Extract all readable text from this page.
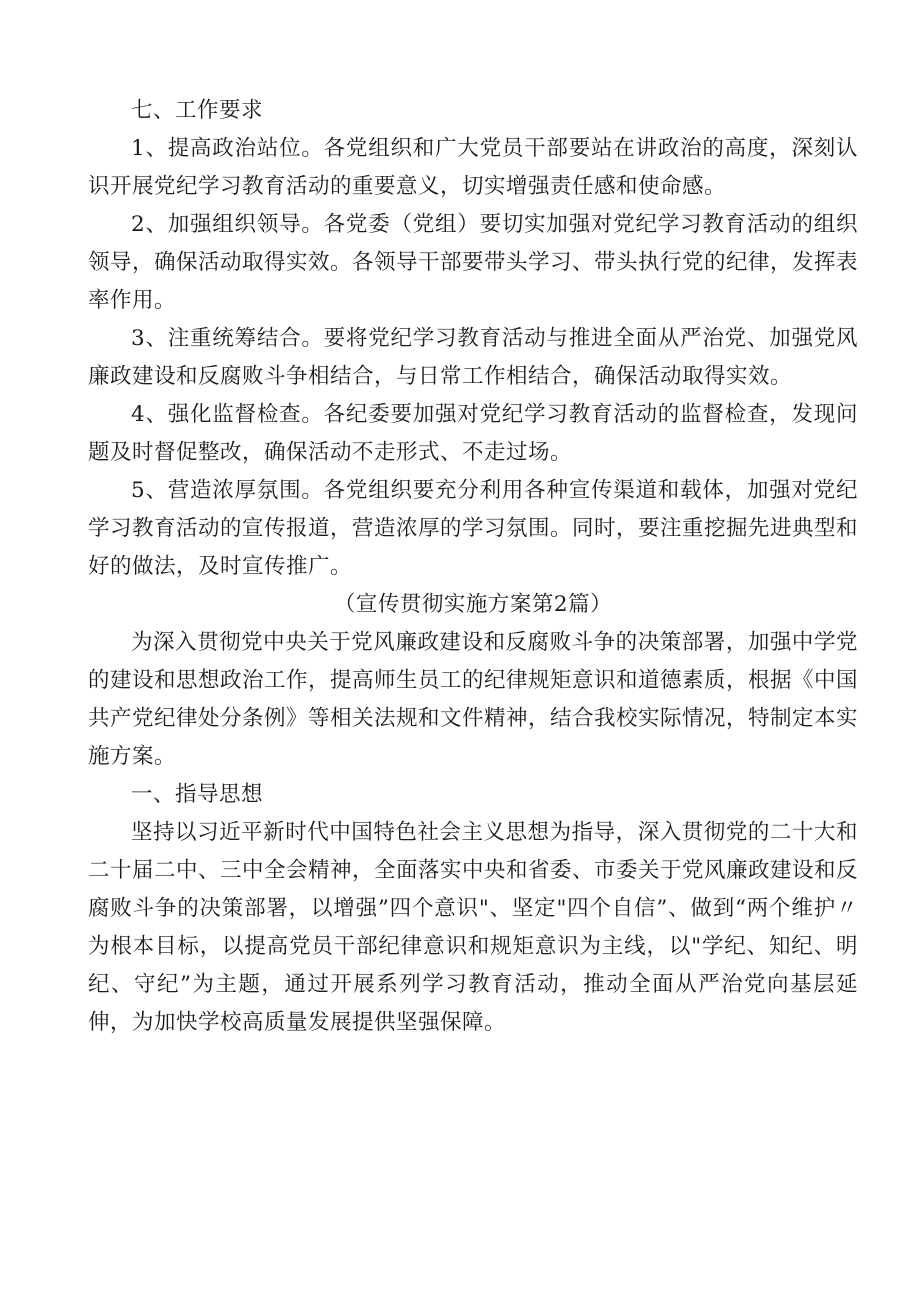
七、工作要求

1、提高政治站位。各党组织和广大党员干部要站在讲政治的高度，深刻认识开展党纪学习教育活动的重要意义，切实增强责任感和使命感。

2、加强组织领导。各党委（党组）要切实加强对党纪学习教育活动的组织领导，确保活动取得实效。各领导干部要带头学习、带头执行党的纪律，发挥表率作用。

3、注重统筹结合。要将党纪学习教育活动与推进全面从严治党、加强党风廉政建设和反腐败斗争相结合，与日常工作相结合，确保活动取得实效。

4、强化监督检查。各纪委要加强对党纪学习教育活动的监督检查，发现问题及时督促整改，确保活动不走形式、不走过场。

5、营造浓厚氛围。各党组织要充分利用各种宣传渠道和载体，加强对党纪学习教育活动的宣传报道，营造浓厚的学习氛围。同时，要注重挖掘先进典型和好的做法，及时宣传推广。

（宣传贯彻实施方案第2篇）

为深入贯彻党中央关于党风廉政建设和反腐败斗争的决策部署，加强中学党的建设和思想政治工作，提高师生员工的纪律规矩意识和道德素质，根据《中国共产党纪律处分条例》等相关法规和文件精神，结合我校实际情况，特制定本实施方案。

一、指导思想

坚持以习近平新时代中国特色社会主义思想为指导，深入贯彻党的二十大和二十届二中、三中全会精神，全面落实中央和省委、市委关于党风廉政建设和反腐败斗争的决策部署，以增强”四个意识"、坚定"四个自信”、做到“两个维护〃为根本目标，以提高党员干部纪律意识和规矩意识为主线，以"学纪、知纪、明纪、守纪”为主题，通过开展系列学习教育活动，推动全面从严治党向基层延伸，为加快学校高质量发展提供坚强保障。
